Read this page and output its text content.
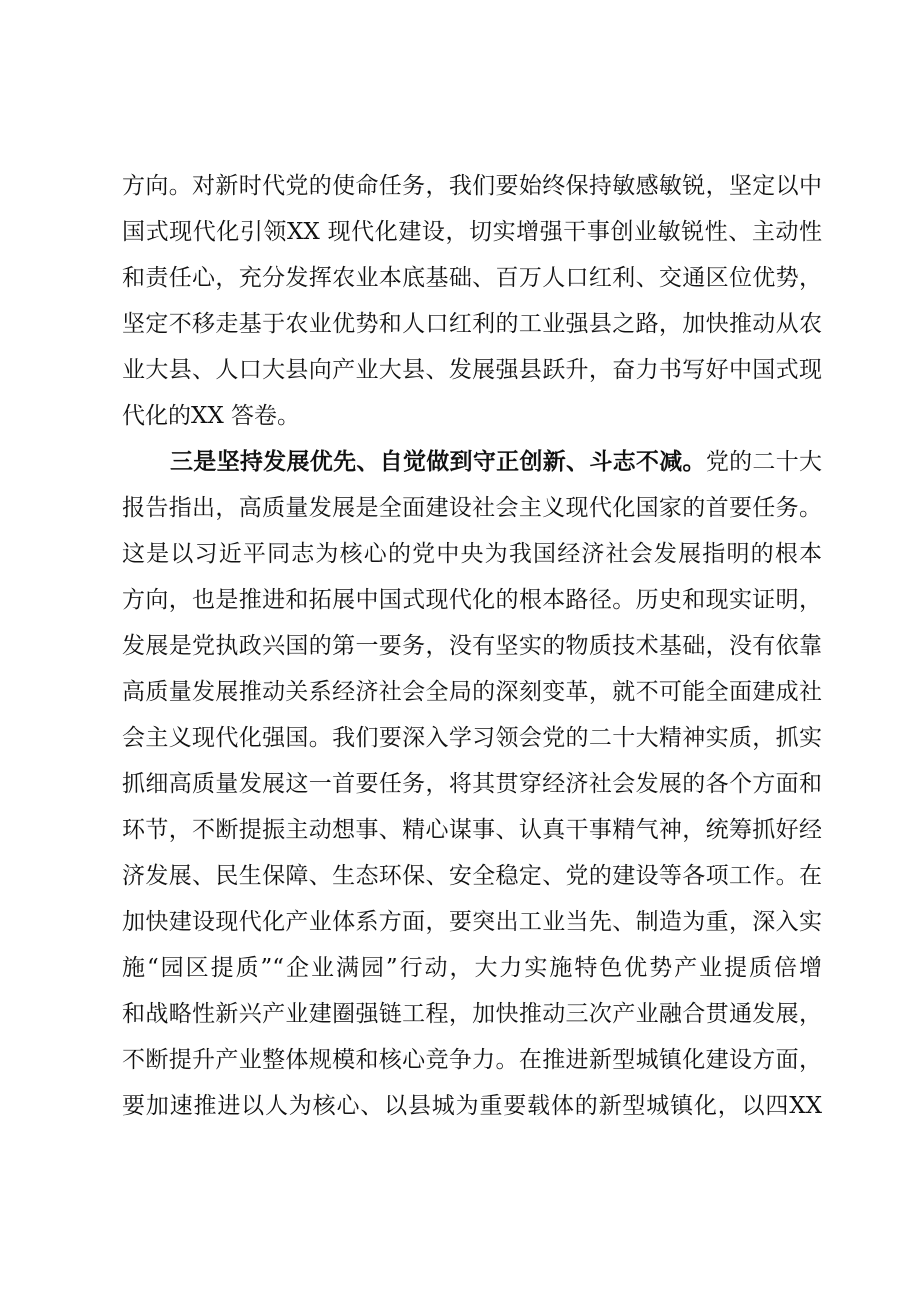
方向。对新时代党的使命任务，我们要始终保持敏感敏锐，坚定以中
国式现代化引领XX 现代化建设，切实增强干事创业敏锐性、主动性
和责任心，充分发挥农业本底基础、百万人口红利、交通区位优势，
坚定不移走基于农业优势和人口红利的工业强县之路，加快推动从农
业大县、人口大县向产业大县、发展强县跃升，奋力书写好中国式现
代化的XX 答卷。
三是坚持发展优先、自觉做到守正创新、斗志不减。党的二十大
报告指出，高质量发展是全面建设社会主义现代化国家的首要任务。
这是以习近平同志为核心的党中央为我国经济社会发展指明的根本
方向，也是推进和拓展中国式现代化的根本路径。历史和现实证明，
发展是党执政兴国的第一要务，没有坚实的物质技术基础，没有依靠
高质量发展推动关系经济社会全局的深刻变革，就不可能全面建成社
会主义现代化强国。我们要深入学习领会党的二十大精神实质，抓实
抓细高质量发展这一首要任务，将其贯穿经济社会发展的各个方面和
环节，不断提振主动想事、精心谋事、认真干事精气神，统筹抓好经
济发展、民生保障、生态环保、安全稳定、党的建设等各项工作。在
加快建设现代化产业体系方面，要突出工业当先、制造为重，深入实
施“园区提质”“企业满园”行动，大力实施特色优势产业提质倍增
和战略性新兴产业建圈强链工程，加快推动三次产业融合贯通发展，
不断提升产业整体规模和核心竞争力。在推进新型城镇化建设方面，
要加速推进以人为核心、以县城为重要载体的新型城镇化，以四XX
